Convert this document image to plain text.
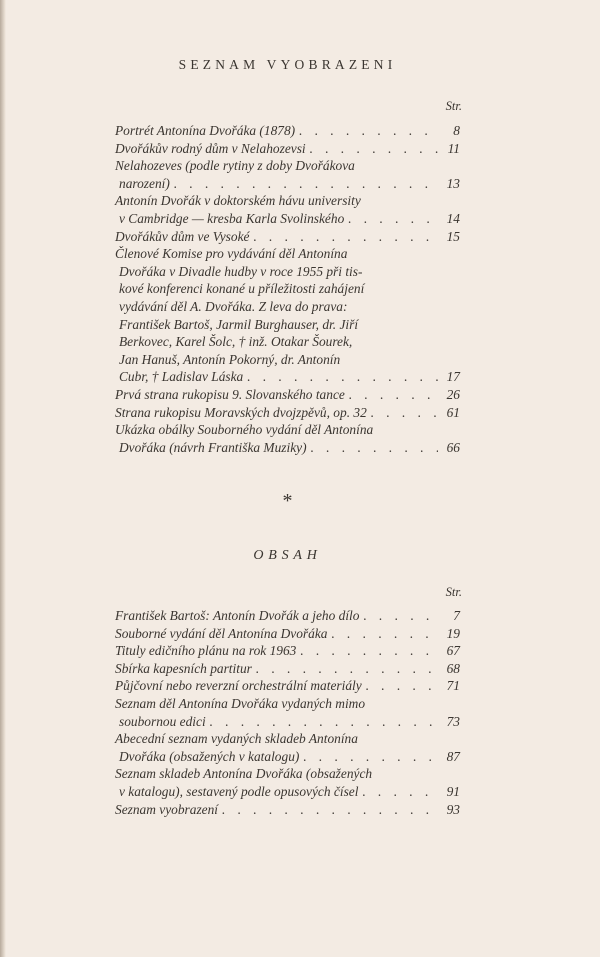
SEZNAM VYOBRAZENI
Str.
Portrét Antonína Dvořáka (1878) . . .	8
Dvořákův rodný dům v Nelahozevsi . . .	11
Nelahozeves (podle rytiny z doby Dvořákova
narození) . . .	13
Antonín Dvořák v doktorském hávu university
v Cambridge — kresba Karla Svolinského . . .	14
Dvořákův dům ve Vysoké . . .	15
Členové Komise pro vydávání děl Antonína
Dvořáka v Divadle hudby v roce 1955 při tis-
kové konferenci konané u příležitosti zahájení
vydávání děl A. Dvořáka. Z leva do prava:
František Bartoš, Jarmil Burghauser, dr. Jiří
Berkovec, Karel Šolc, † inž. Otakar Šourek,
Jan Hanuš, Antonín Pokorný, dr. Antonín
Cubr, † Ladislav Láska . . .	17
Prvá strana rukopisu 9. Slovanského tance . . .	26
Strana rukopisu Moravských dvojzpěvů, op. 32 . . .	61
Ukázka obálky Souborného vydání děl Antonína
Dvořáka (návrh Františka Muziky) . . .	66
*
OBSAH
Str.
František Bartoš: Antonín Dvořák a jeho dílo . . .	7
Souborné vydání děl Antonína Dvořáka . . .	19
Tituly edičního plánu na rok 1963 . . .	67
Sbírka kapesních partitur . . .	68
Půjčovní nebo reverzní orchestrální materiály . . .	71
Seznam děl Antonína Dvořáka vydaných mimo
soubornou edici . . .	73
Abecední seznam vydaných skladeb Antonína
Dvořáka (obsažených v katalogu) . . .	87
Seznam skladeb Antonína Dvořáka (obsažených
v katalogu), sestavený podle opusových čísel . . .	91
Seznam vyobrazení . . .	93
